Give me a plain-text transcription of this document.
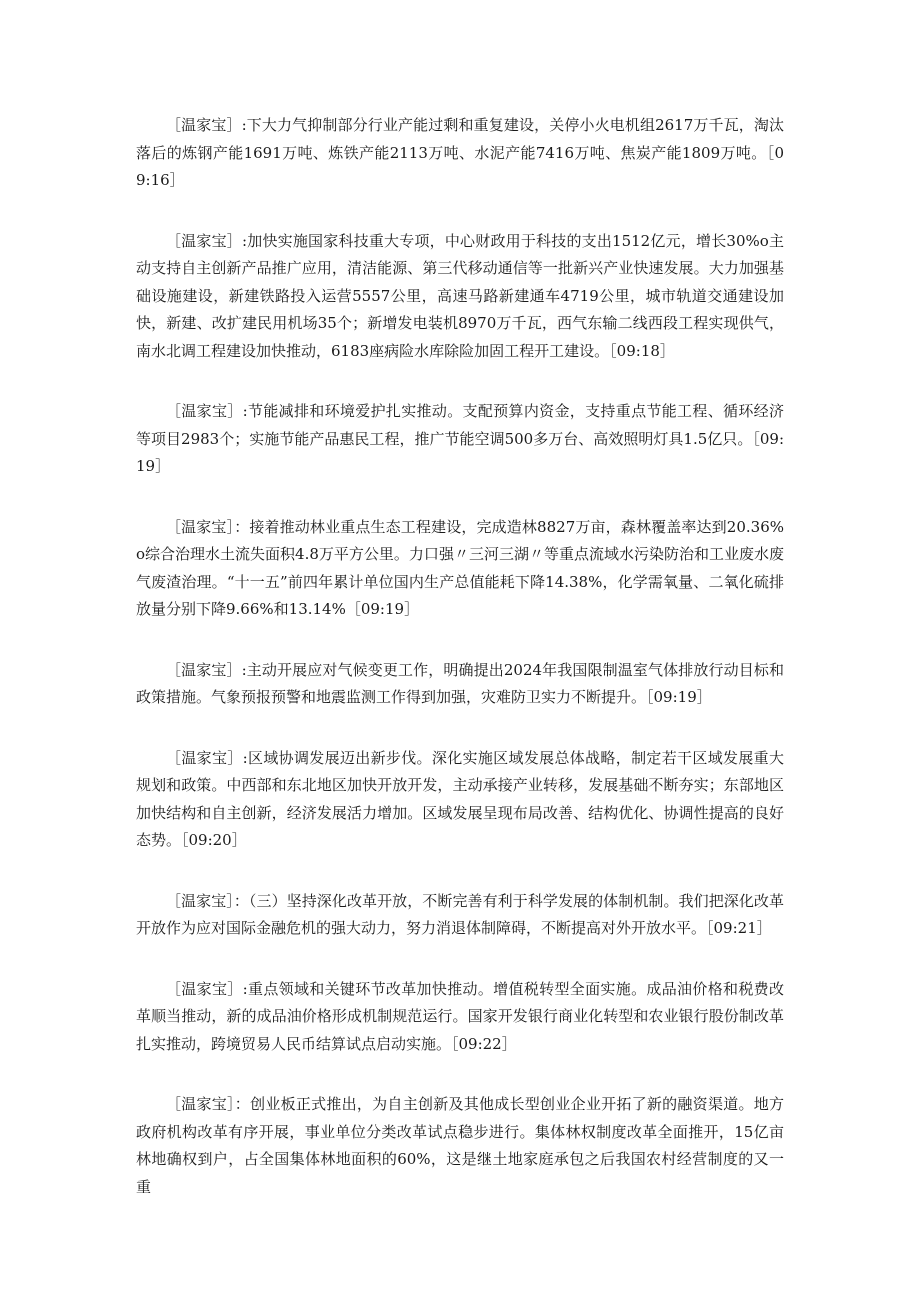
［温家宝］:下大力气抑制部分行业产能过剩和重复建设，关停小火电机组2617万千瓦，淘汰落后的炼钢产能1691万吨、炼铁产能2113万吨、水泥产能7416万吨、焦炭产能1809万吨。［09:16］

［温家宝］:加快实施国家科技重大专项，中心财政用于科技的支出1512亿元，增长30%o主动支持自主创新产品推广应用，清洁能源、第三代移动通信等一批新兴产业快速发展。大力加强基础设施建设，新建铁路投入运营5557公里，高速马路新建通车4719公里，城市轨道交通建设加快，新建、改扩建民用机场35个；新增发电装机8970万千瓦，西气东输二线西段工程实现供气，南水北调工程建设加快推动，6183座病险水库除险加固工程开工建设。［09:18］

［温家宝］:节能减排和环境爱护扎实推动。支配预算内资金，支持重点节能工程、循环经济等项目2983个；实施节能产品惠民工程，推广节能空调500多万台、高效照明灯具1.5亿只。［09:19］

［温家宝］：接着推动林业重点生态工程建设，完成造林8827万亩，森林覆盖率达到20.36%o综合治理水土流失面积4.8万平方公里。力口强〃三河三湖〃等重点流域水污染防治和工业废水废气废渣治理。“十一五”前四年累计单位国内生产总值能耗下降14.38%，化学需氧量、二氧化硫排放量分别下降9.66%和13.14%［09:19］

［温家宝］:主动开展应对气候变更工作，明确提出2024年我国限制温室气体排放行动目标和政策措施。气象预报预警和地震监测工作得到加强，灾难防卫实力不断提升。［09:19］

［温家宝］:区域协调发展迈出新步伐。深化实施区域发展总体战略，制定若干区域发展重大规划和政策。中西部和东北地区加快开放开发，主动承接产业转移，发展基础不断夯实；东部地区加快结构和自主创新，经济发展活力增加。区域发展呈现布局改善、结构优化、协调性提高的良好态势。［09:20］

［温家宝］：（三）坚持深化改革开放，不断完善有利于科学发展的体制机制。我们把深化改革开放作为应对国际金融危机的强大动力，努力消退体制障碍，不断提高对外开放水平。［09:21］

［温家宝］:重点领域和关键环节改革加快推动。增值税转型全面实施。成品油价格和税费改革顺当推动，新的成品油价格形成机制规范运行。国家开发银行商业化转型和农业银行股份制改革扎实推动，跨境贸易人民币结算试点启动实施。［09:22］

［温家宝］：创业板正式推出，为自主创新及其他成长型创业企业开拓了新的融资渠道。地方政府机构改革有序开展，事业单位分类改革试点稳步进行。集体林权制度改革全面推开，15亿亩林地确权到户，占全国集体林地面积的60%，这是继土地家庭承包之后我国农村经营制度的又一重
